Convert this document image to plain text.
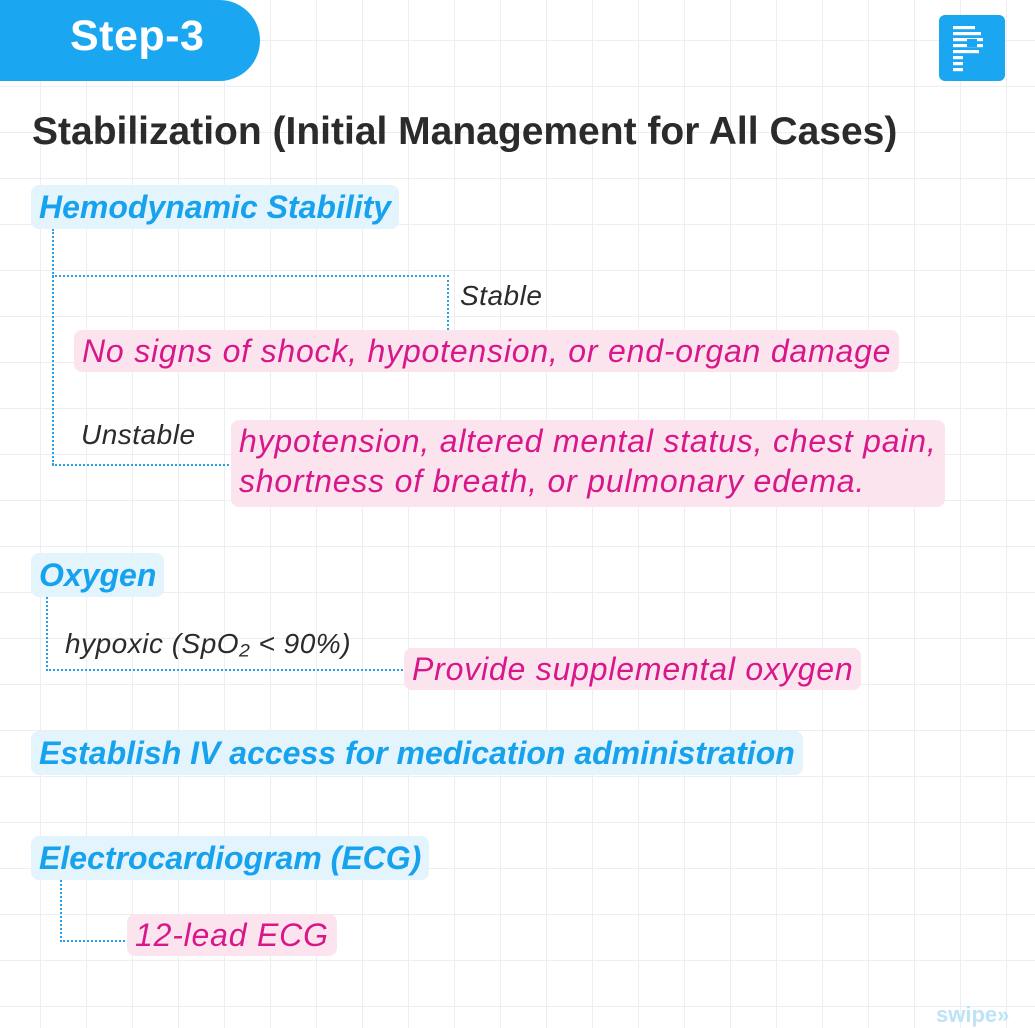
Step-3
Stabilization (Initial Management for All Cases)
Hemodynamic Stability
Stable
No signs of shock, hypotension, or end-organ damage
Unstable hypotension, altered mental status, chest pain,
shortness of breath, or pulmonary edema.
Oxygen
hypoxic (SpO₂ < 90%)
Provide supplemental oxygen
Establish IV access for medication administration
Electrocardiogram (ECG)
12-lead ECG
swipe»
